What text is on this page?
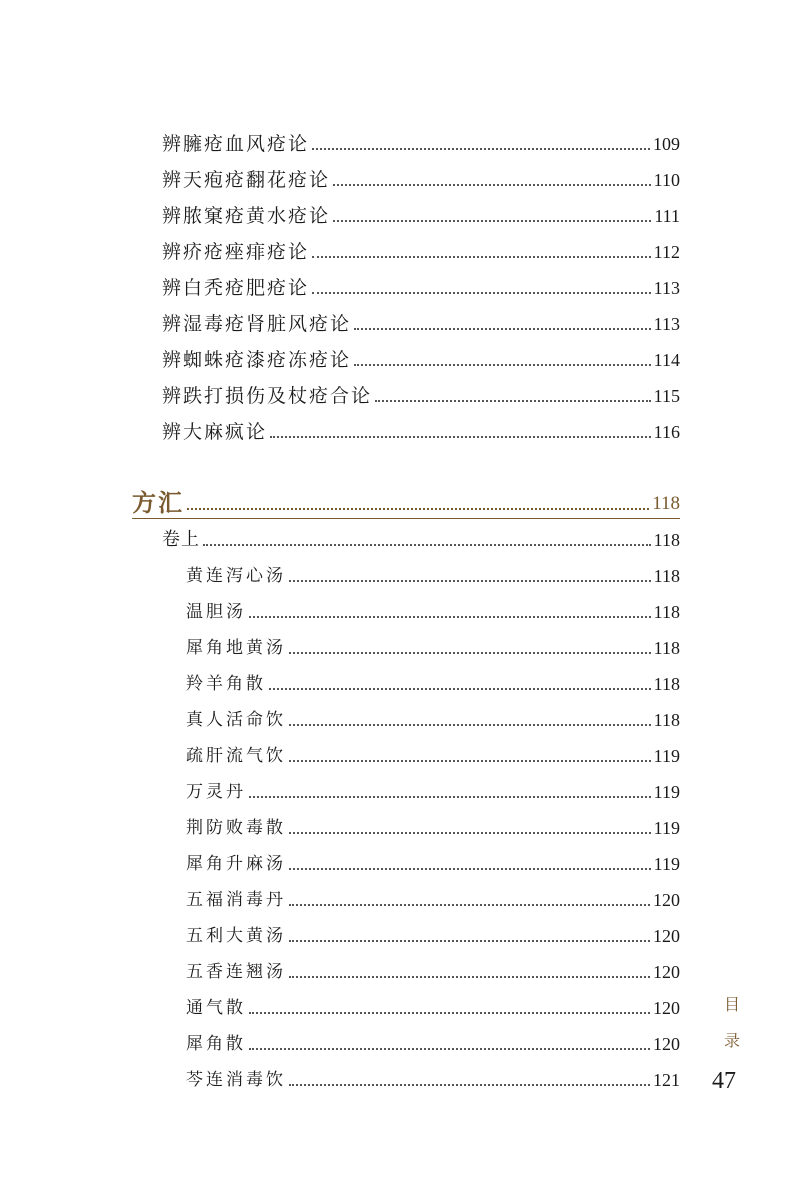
辨臃疮血风疮论	109
辨天疱疮翻花疮论	110
辨脓窠疮黄水疮论	111
辨疥疮痤痱疮论	112
辨白秃疮肥疮论	113
辨湿毒疮肾脏风疮论	113
辨蜘蛛疮漆疮冻疮论	114
辨跌打损伤及杖疮合论	115
辨大麻疯论	116
方汇	118
卷上	118
黄连泻心汤	118
温胆汤	118
犀角地黄汤	118
羚羊角散	118
真人活命饮	118
疏肝流气饮	119
万灵丹	119
荆防败毒散	119
犀角升麻汤	119
五福消毒丹	120
五利大黄汤	120
五香连翘汤	120
通气散	120
犀角散	120
芩连消毒饮	121
目
录
47
